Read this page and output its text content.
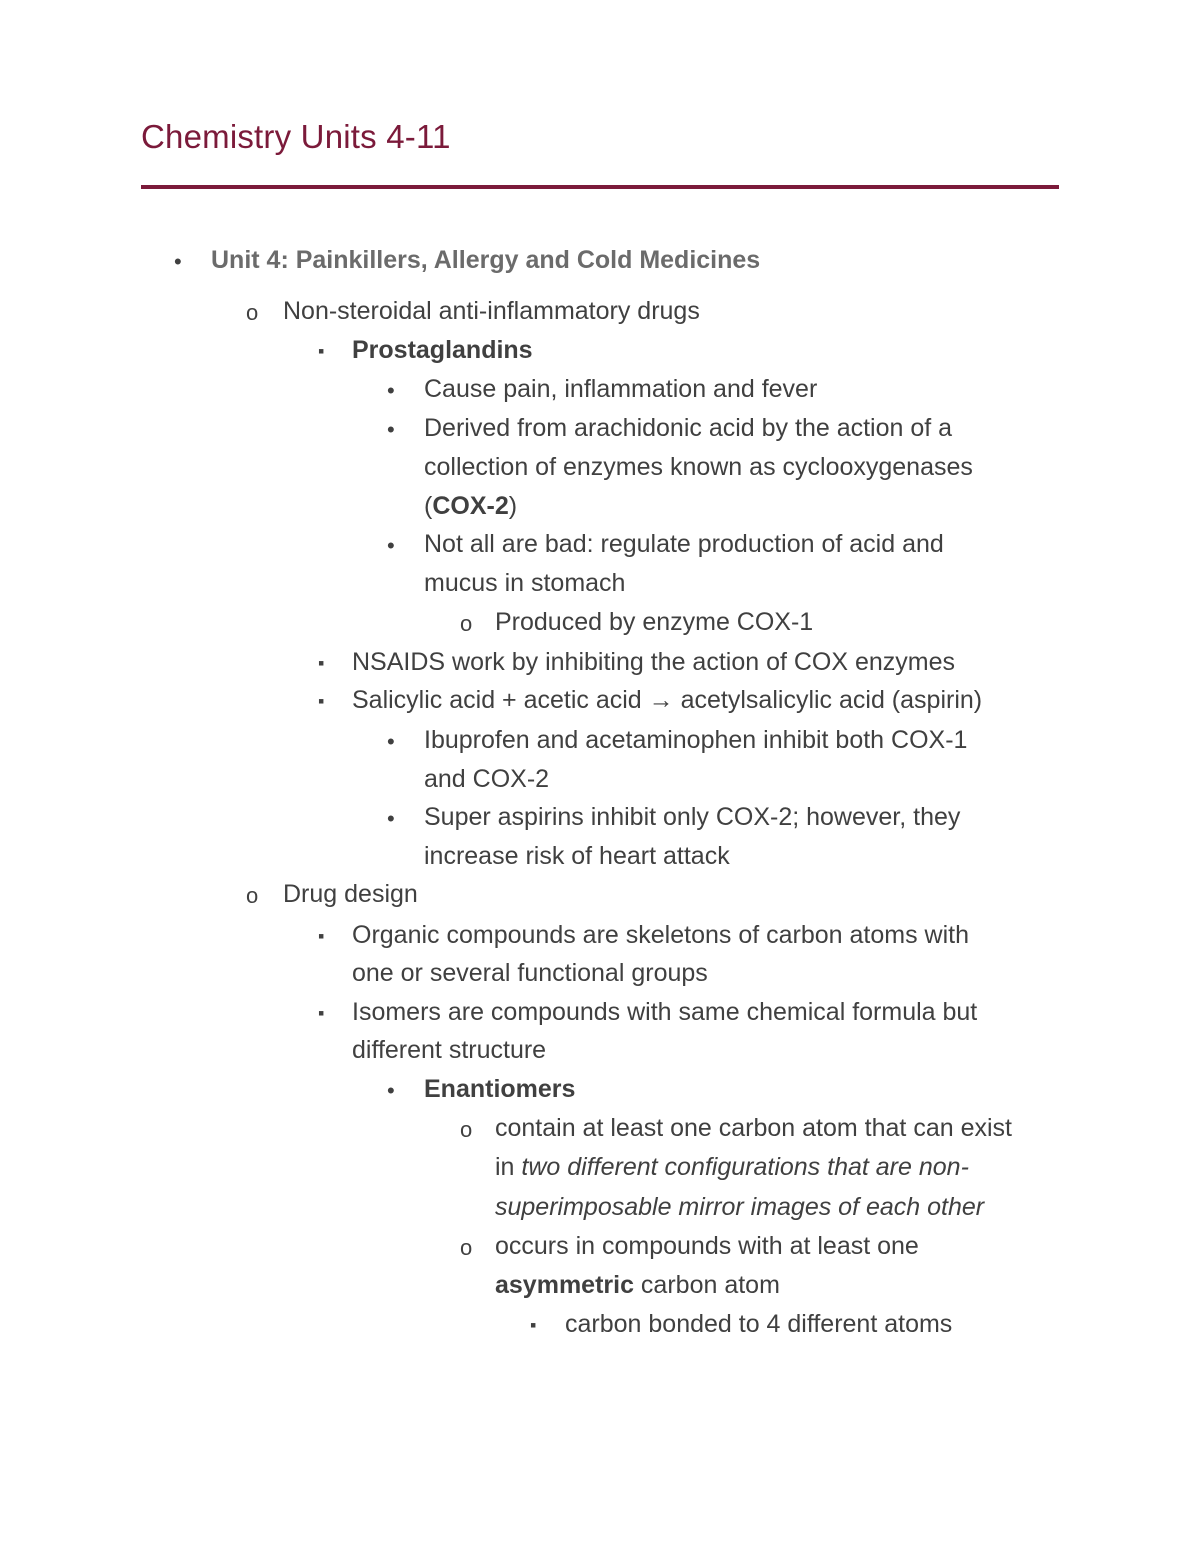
Chemistry Units 4-11
•
Unit 4: Painkillers, Allergy and Cold Medicines
o
Non-steroidal anti-inflammatory drugs
▪
Prostaglandins
•
Cause pain, inflammation and fever
•
Derived from arachidonic acid by the action of a
collection of enzymes known as cyclooxygenases
(COX-2)
•
Not all are bad: regulate production of acid and
mucus in stomach
o
Produced by enzyme COX-1
▪
NSAIDS work by inhibiting the action of COX enzymes
▪
Salicylic acid + acetic acid → acetylsalicylic acid (aspirin)
•
Ibuprofen and acetaminophen inhibit both COX-1
and COX-2
•
Super aspirins inhibit only COX-2; however, they
increase risk of heart attack
o
Drug design
▪
Organic compounds are skeletons of carbon atoms with
one or several functional groups
▪
Isomers are compounds with same chemical formula but
different structure
•
Enantiomers
o
contain at least one carbon atom that can exist
in two different configurations that are non-
superimposable mirror images of each other
o
occurs in compounds with at least one
asymmetric carbon atom
▪
carbon bonded to 4 different atoms
